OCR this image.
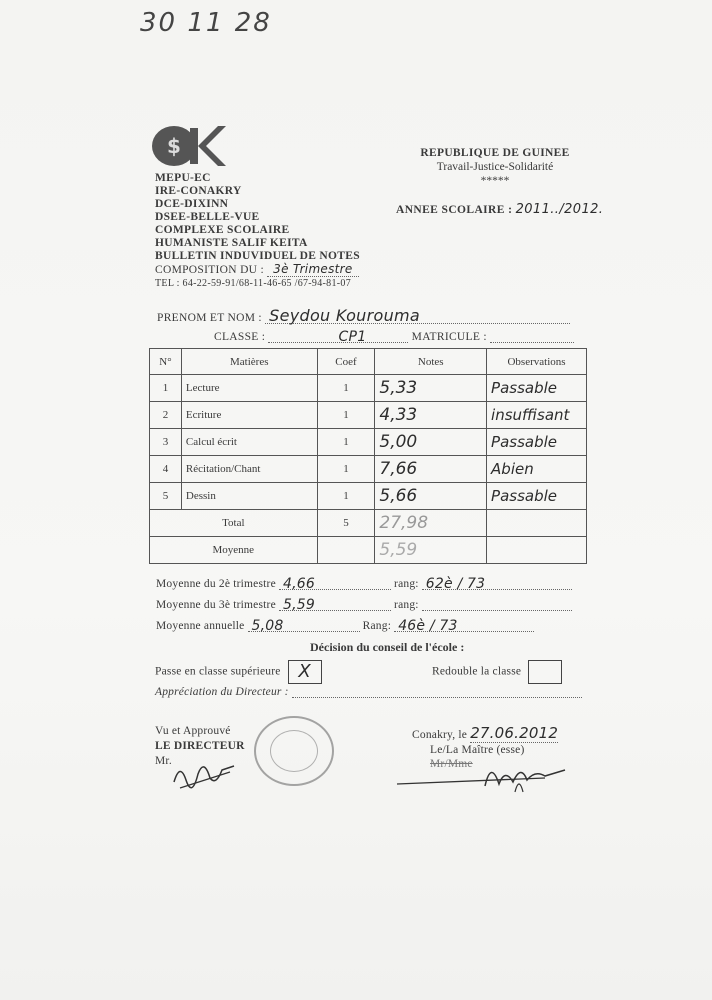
30 11 28
$
MEPU-EC
IRE-CONAKRY
DCE-DIXINN
DSEE-BELLE-VUE
COMPLEXE SCOLAIRE
HUMANISTE SALIF KEITA
BULLETIN INDUVIDUEL DE NOTES
COMPOSITION DU : 3è Trimestre
TEL : 64-22-59-91/68-11-46-65 /67-94-81-07
REPUBLIQUE DE GUINEE
Travail-Justice-Solidarité
*****
ANNEE SCOLAIRE : 2011../2012.
PRENOM ET NOM : Seydou Kourouma
CLASSE :	CP1	MATRICULE :
N°	Matières	Coef	Notes	Observations
1	Lecture	1	5,33	Passable
2	Ecriture	1	4,33	insuffisant
3	Calcul écrit	1	5,00	Passable
4	Récitation/Chant	1	7,66	Abien
5	Dessin	1	5,66	Passable
Total		5	27,98	
Moyenne			5,59	
Moyenne du 2è trimestre 4,66	rang: 62è / 73
Moyenne du 3è trimestre 5,59	rang:
Moyenne annuelle 5,08	Rang: 46è / 73
Décision du conseil de l'école :
Passe en classe supérieure X	Redouble la classe
Appréciation du Directeur :
Vu et Approuvé
LE DIRECTEUR
Mr.
Conakry, le 27.06.2012
Le/La Maître (esse)
Mr/Mme
